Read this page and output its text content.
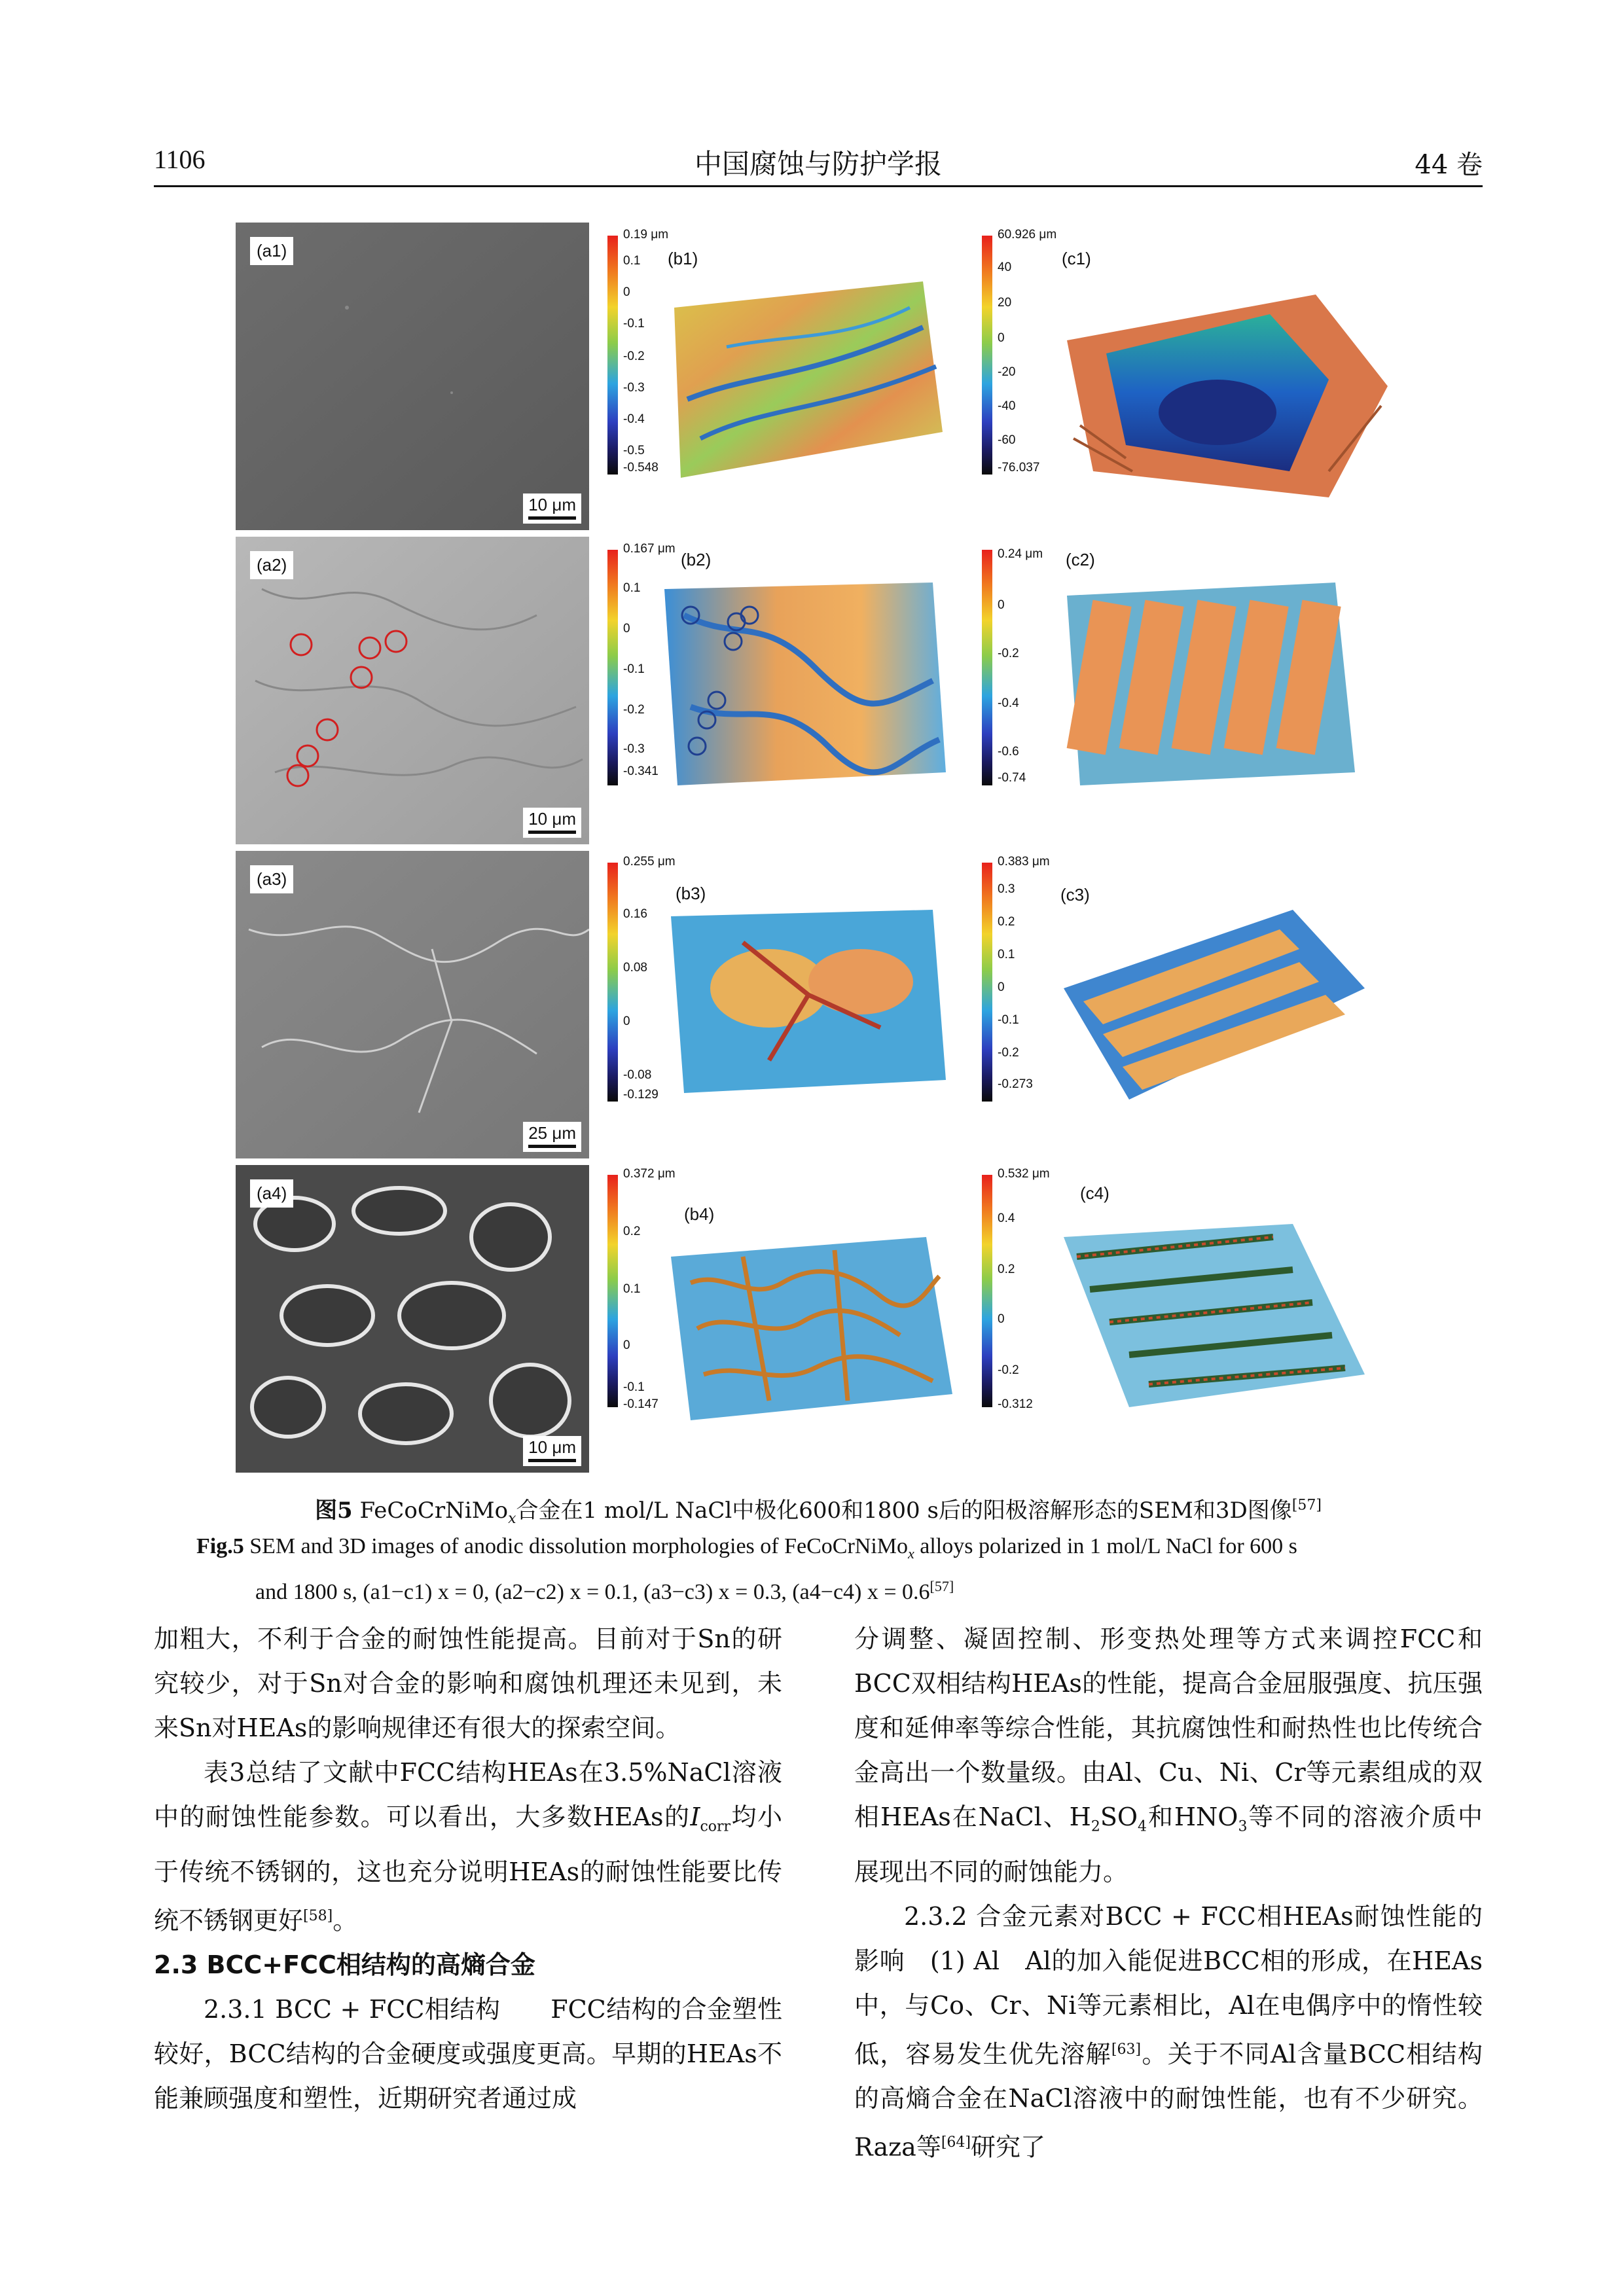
1106	中国腐蚀与防护学报	44 卷
(a1)
10 μm
0.19 μm
0.1
0
-0.1
-0.2
-0.3
-0.4
-0.5
-0.548
(b1)
60.926 μm
40
20
0
-20
-40
-60
-76.037
(c1)
(a2)
10 μm
0.167 μm
0.1
0
-0.1
-0.2
-0.3
-0.341
(b2)	0.24 μm
0
-0.2
-0.4
-0.6
-0.74
(c2)
(a3)
25 μm
0.255 μm
0.16
0.08
0
-0.08
-0.129
(b3)
0.383 μm
0.3
0.2
0.1
0
-0.1
-0.2
-0.273
(c3)
(a4)
10 μm
0.372 μm
0.2
0.1
0
-0.1
-0.147
(b4)
0.532 μm
0.4
0.2
0
-0.2
-0.312
(c4)
图5 FeCoCrNiMo$_x$合金在1 mol/L NaCl中极化600和1800 s后的阳极溶解形态的SEM和3D图像[57]
Fig.5 SEM and 3D images of anodic dissolution morphologies of FeCoCrNiMo$_x$ alloys polarized in 1 mol/L NaCl for 600 s
and 1800 s, (a1−c1) x = 0, (a2−c2) x = 0.1, (a3−c3) x = 0.3, (a4−c4) x = 0.6[57]

加粗大，不利于合金的耐蚀性能提高。目前对于Sn的研究较少，对于Sn对合金的影响和腐蚀机理还未见到，未来Sn对HEAs的影响规律还有很大的探索空间。

表3总结了文献中FCC结构HEAs在3.5%NaCl溶液中的耐蚀性能参数。可以看出，大多数HEAs的$I_{corr}$均小于传统不锈钢的，这也充分说明HEAs的耐蚀性能要比传统不锈钢更好[58]。

2.3 BCC+FCC相结构的高熵合金

2.3.1 BCC + FCC相结构　　 FCC结构的合金塑性较好，BCC结构的合金硬度或强度更高。早期的HEAs不能兼顾强度和塑性，近期研究者通过成

分调整、凝固控制、形变热处理等方式来调控FCC和BCC双相结构HEAs的性能，提高合金屈服强度、抗压强度和延伸率等综合性能，其抗腐蚀性和耐热性也比传统合金高出一个数量级。由Al、Cu、Ni、Cr等元素组成的双相HEAs在NaCl、$H_2SO_4$和$HNO_3$等不同的溶液介质中展现出不同的耐蚀能力。

2.3.2 合金元素对BCC + FCC相HEAs耐蚀性能的影响　 (1) Al　Al的加入能促进BCC相的形成，在HEAs中，与Co、Cr、Ni等元素相比，Al在电偶序中的惰性较低，容易发生优先溶解[63]。关于不同Al含量BCC相结构的高熵合金在NaCl溶液中的耐蚀性能，也有不少研究。Raza等[64]研究了
